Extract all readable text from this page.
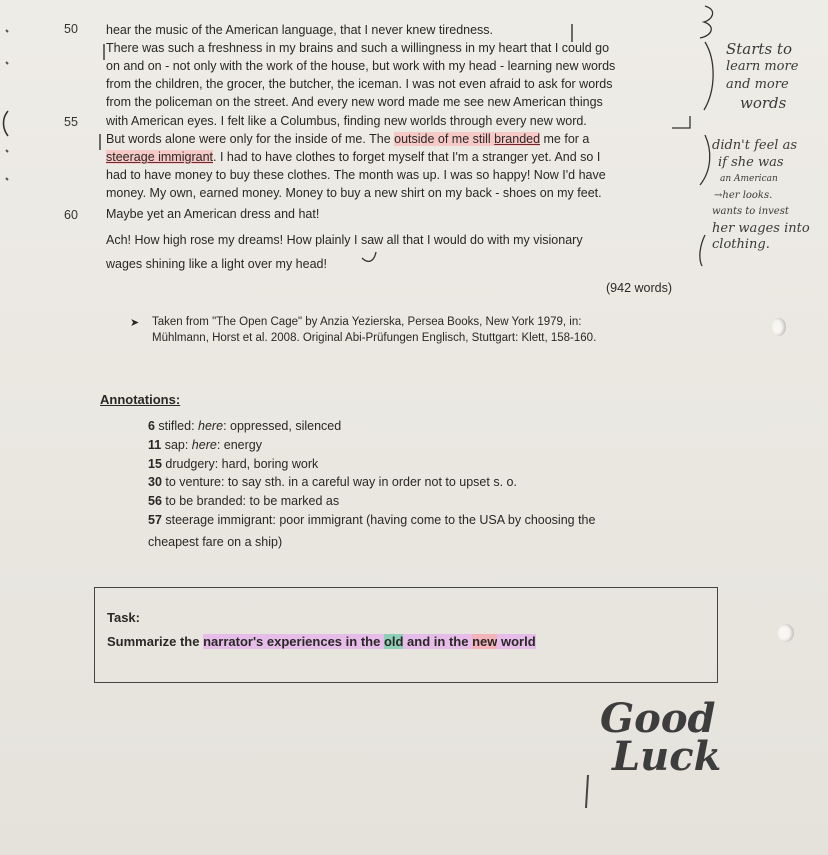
hear the music of the American language, that I never knew tiredness.
There was such a freshness in my brains and such a willingness in my heart that I could go
on and on - not only with the work of the house, but work with my head - learning new words
from the children, the grocer, the butcher, the iceman. I was not even afraid to ask for words
from the policeman on the street. And every new word made me see new American things
with American eyes. I felt like a Columbus, finding new worlds through every new word.
But words alone were only for the inside of me. The outside of me still branded me for a
steerage immigrant. I had to have clothes to forget myself that I'm a stranger yet. And so I
had to have money to buy these clothes. The month was up. I was so happy! Now I'd have
money. My own, earned money. Money to buy a new shirt on my back - shoes on my feet.
Maybe yet an American dress and hat!
Ach! How high rose my dreams! How plainly I saw all that I would do with my visionary
wages shining like a light over my head!
50
55
60
Starts to
learn more
and more
words
didn't feel as
if she was
an American
→her looks.
wants to invest
her wages into
clothing.
(942 words)
➤ Taken from "The Open Cage" by Anzia Yezierska, Persea Books, New York 1979, in:
Mühlmann, Horst et al. 2008. Original Abi-Prüfungen Englisch, Stuttgart: Klett, 158-160.
Annotations:
6 stifled: here: oppressed, silenced
11 sap: here: energy
15 drudgery: hard, boring work
30 to venture: to say sth. in a careful way in order not to upset s. o.
56 to be branded: to be marked as
57 steerage immigrant: poor immigrant (having come to the USA by choosing the
cheapest fare on a ship)
Task:
Summarize the narrator's experiences in the old and in the new world
Good
Luck
